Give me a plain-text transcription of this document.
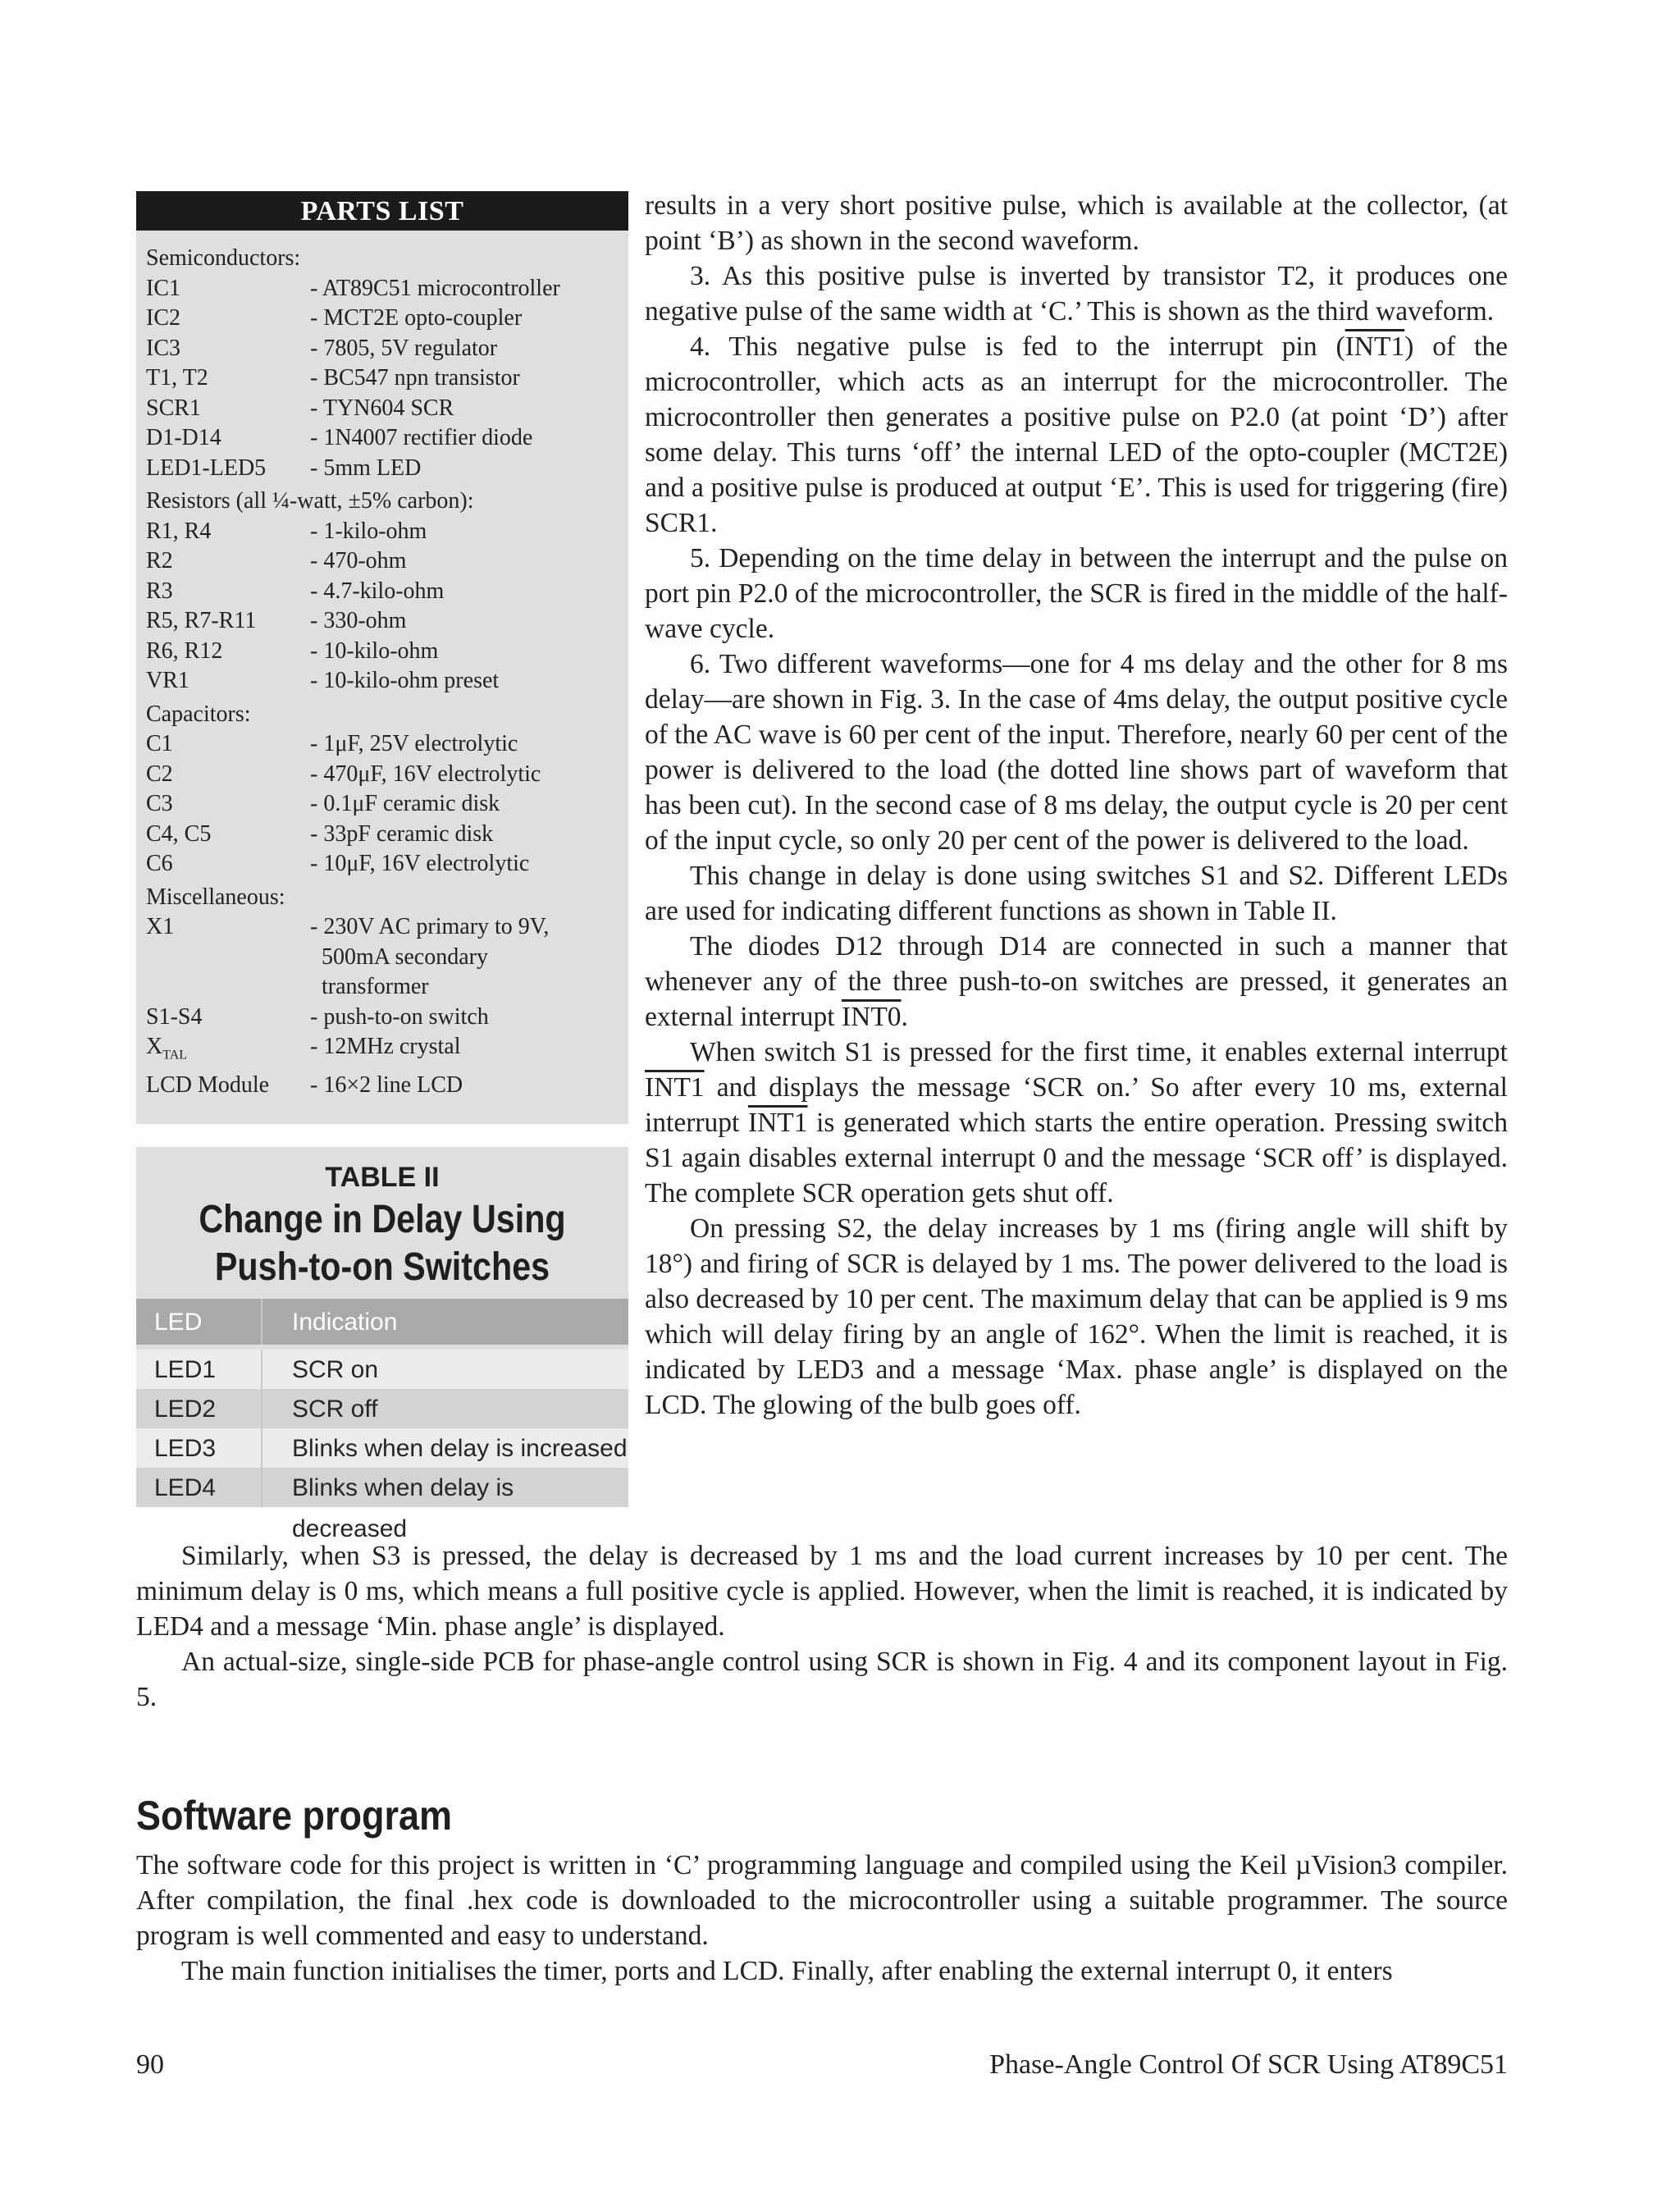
PARTS LIST
Semiconductors:
IC1	- AT89C51 microcontroller
IC2	- MCT2E opto-coupler
IC3	- 7805, 5V regulator
T1, T2	- BC547 npn transistor
SCR1	- TYN604 SCR
D1-D14	- 1N4007 rectifier diode
LED1-LED5	- 5mm LED
Resistors (all ¼-watt, ±5% carbon):
R1, R4	- 1-kilo-ohm
R2	- 470-ohm
R3	- 4.7-kilo-ohm
R5, R7-R11	- 330-ohm
R6, R12	- 10-kilo-ohm
VR1	- 10-kilo-ohm preset
Capacitors:
C1	- 1μF, 25V electrolytic
C2	- 470μF, 16V electrolytic
C3	- 0.1μF ceramic disk
C4, C5	- 33pF ceramic disk
C6	- 10μF, 16V electrolytic
Miscellaneous:
X1	- 230V AC primary to 9V,
500mA secondary
transformer
S1-S4	- push-to-on switch
$X_{TAL}$	- 12MHz crystal
LCD Module	- 16×2 line LCD
TABLE II
Change in Delay Using
Push-to-on Switches
LED	Indication
LED1	SCR on
LED2	SCR off
LED3	Blinks when delay is increased
LED4	Blinks when delay is decreased

results in a very short positive pulse, which is available at the collector, (at point ‘B’) as shown in the second waveform.

3. As this positive pulse is inverted by transistor T2, it produces one negative pulse of the same width at ‘C.’ This is shown as the third waveform.

4. This negative pulse is fed to the interrupt pin (INT1) of the microcontroller, which acts as an interrupt for the microcontroller. The microcontroller then generates a positive pulse on P2.0 (at point ‘D’) after some delay. This turns ‘off’ the internal LED of the opto-coupler (MCT2E) and a positive pulse is produced at output ‘E’. This is used for triggering (fire) SCR1.

5. Depending on the time delay in between the interrupt and the pulse on port pin P2.0 of the microcontroller, the SCR is fired in the middle of the half-wave cycle.

6. Two different waveforms—one for 4 ms delay and the other for 8 ms delay—are shown in Fig. 3. In the case of 4ms delay, the output positive cycle of the AC wave is 60 per cent of the input. Therefore, nearly 60 per cent of the power is delivered to the load (the dotted line shows part of waveform that has been cut). In the second case of 8 ms delay, the output cycle is 20 per cent of the input cycle, so only 20 per cent of the power is delivered to the load.

This change in delay is done using switches S1 and S2. Different LEDs are used for indicating different functions as shown in Table II.

The diodes D12 through D14 are connected in such a manner that whenever any of the three push-to-on switches are pressed, it generates an external interrupt INT0.

When switch S1 is pressed for the first time, it enables external interrupt INT1 and displays the message ‘SCR on.’ So after every 10 ms, external interrupt INT1 is generated which starts the entire operation. Pressing switch S1 again disables external interrupt 0 and the message ‘SCR off’ is displayed. The complete SCR operation gets shut off.

On pressing S2, the delay increases by 1 ms (firing angle will shift by 18°) and firing of SCR is delayed by 1 ms. The power delivered to the load is also decreased by 10 per cent. The maximum delay that can be applied is 9 ms which will delay firing by an angle of 162°. When the limit is reached, it is indicated by LED3 and a message ‘Max. phase angle’ is displayed on the LCD. The glowing of the bulb goes off.

Similarly, when S3 is pressed, the delay is decreased by 1 ms and the load current increases by 10 per cent. The minimum delay is 0 ms, which means a full positive cycle is applied. However, when the limit is reached, it is indicated by LED4 and a message ‘Min. phase angle’ is displayed.

An actual-size, single-side PCB for phase-angle control using SCR is shown in Fig. 4 and its component layout in Fig. 5.

Software program

The software code for this project is written in ‘C’ programming language and compiled using the Keil µVision3 compiler. After compilation, the final .hex code is downloaded to the microcontroller using a suitable programmer. The source program is well commented and easy to understand.

The main function initialises the timer, ports and LCD. Finally, after enabling the external interrupt 0, it enters

90	Phase-Angle Control Of SCR Using AT89C51
